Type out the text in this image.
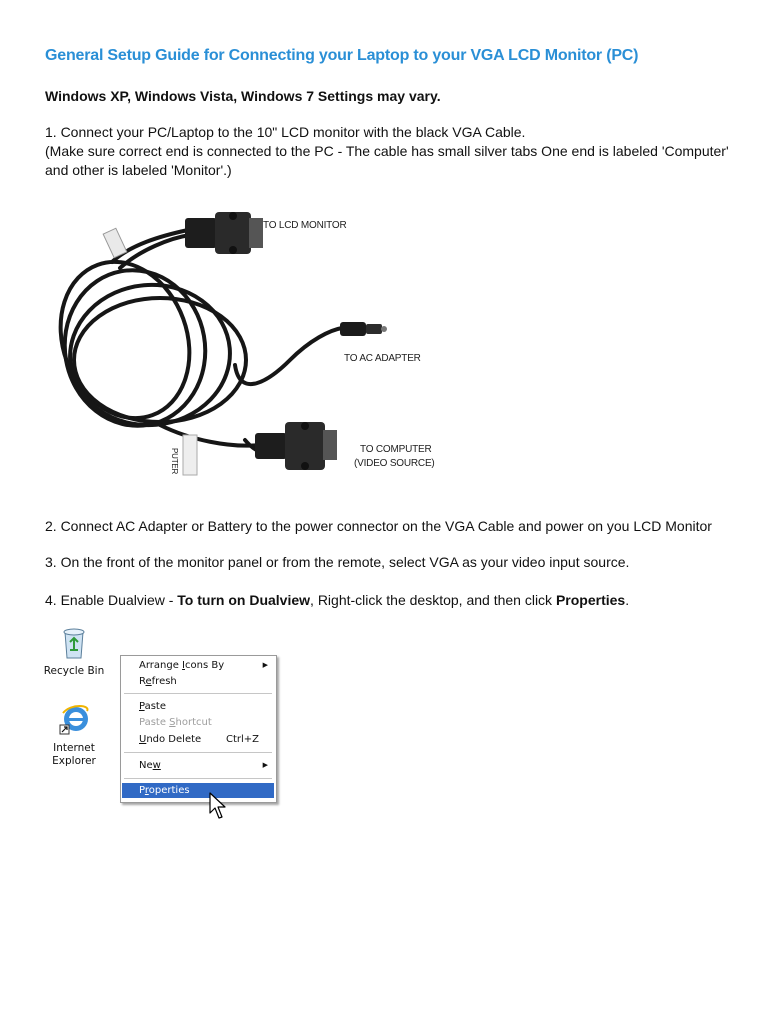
General Setup Guide for Connecting your Laptop to your VGA LCD Monitor (PC)
Windows XP, Windows Vista, Windows 7 Settings may vary.
1. Connect your PC/Laptop to the 10" LCD monitor with the black VGA Cable.
(Make sure correct end is connected to the PC - The cable has small silver tabs One end is labeled 'Computer' and other is labeled 'Monitor'.)
TO LCD MONITOR
TO AC ADAPTER
TO COMPUTER
(VIDEO SOURCE)
PUTER
2. Connect AC Adapter or Battery to the power connector on the VGA Cable and power on you LCD Monitor
3. On the front of the monitor panel or from the remote, select VGA as your video input source.
4. Enable Dualview - To turn on Dualview, Right-click the desktop, and then click Properties.
Recycle Bin
Internet
Explorer
Arrange Icons By	▶
Refresh
Paste
Paste Shortcut
Undo Delete Ctrl+Z
New	▶
Properties
